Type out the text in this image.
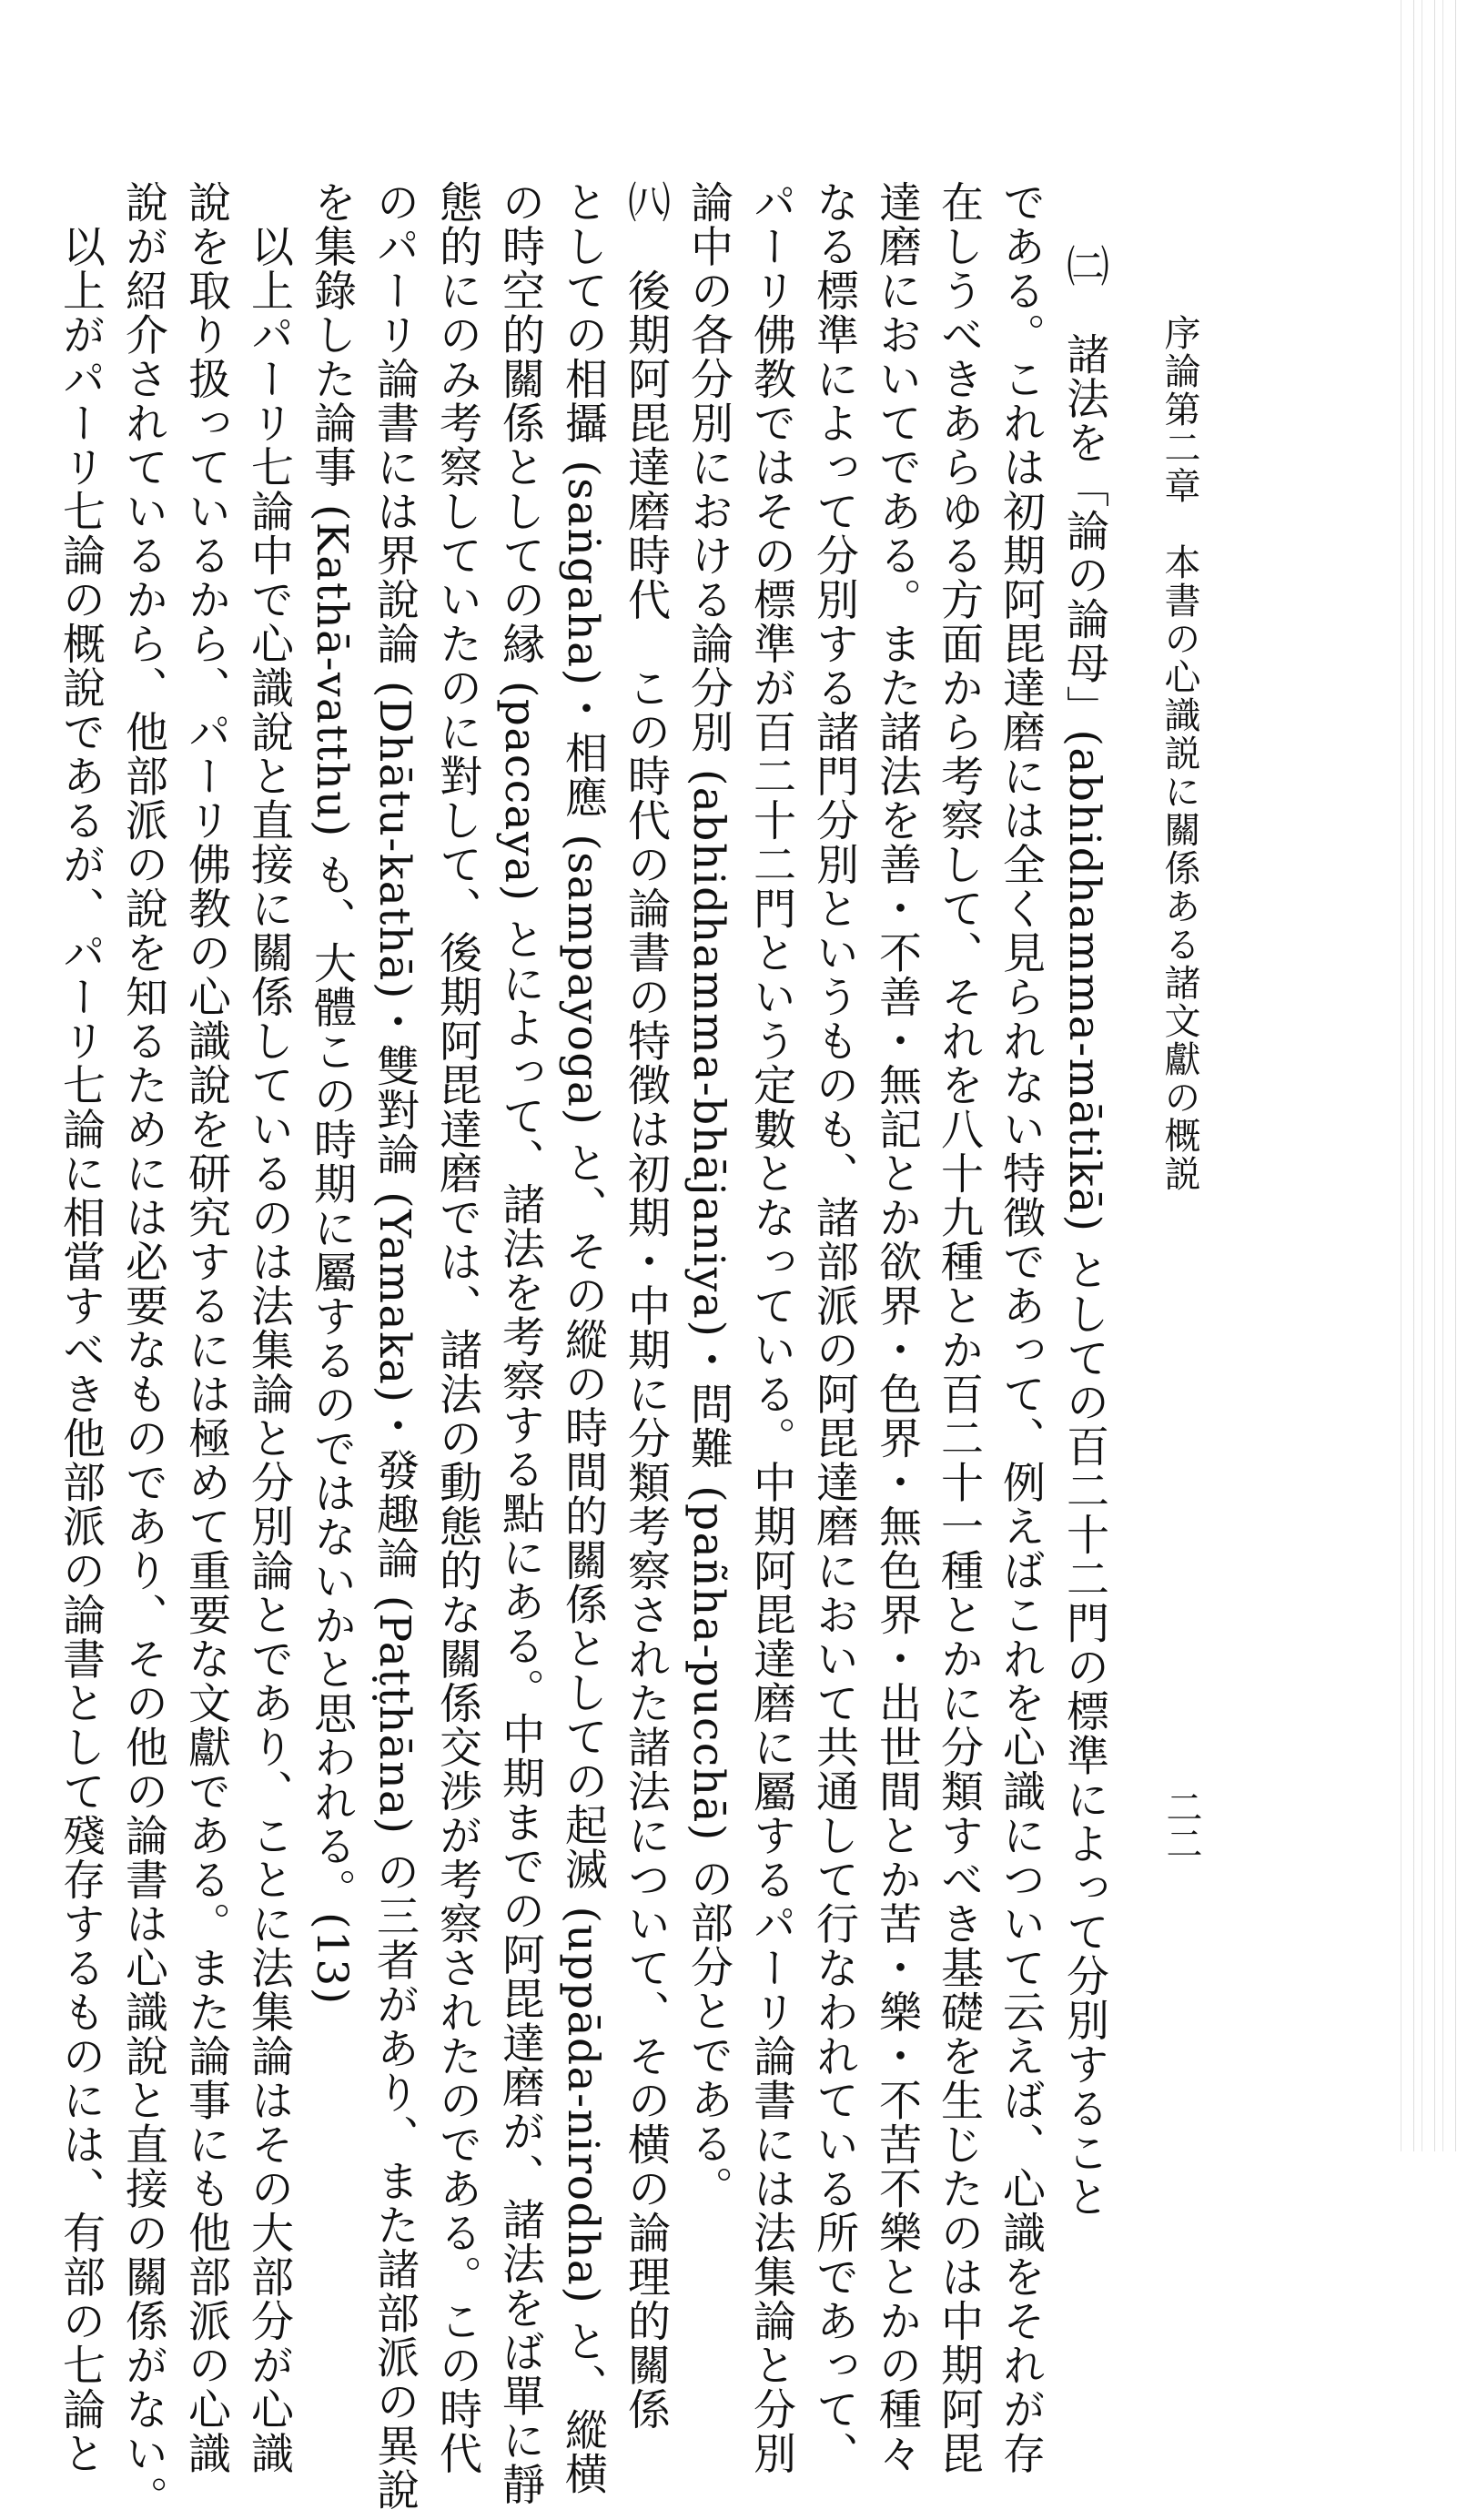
序論第二章　本書の心識説に關係ある諸文獻の概説
二二
㈡　諸法を「論の論母」(abhidhamma-mātikā) としての百二十二門の標準によって分別すること
である。これは初期阿毘達磨には全く見られない特徴であって、例えばこれを心識について云えば、心識をそれが存
在しうべきあらゆる方面から考察して、それを八十九種とか百二十一種とかに分類すべき基礎を生じたのは中期阿毘
達磨においてである。また諸法を善・不善・無記とか欲界・色界・無色界・出世間とか苦・樂・不苦不樂とかの種々
なる標準によって分別する諸門分別というものも、諸部派の阿毘達磨において共通して行なわれている所であって、
パーリ佛教ではその標準が百二十二門という定數となっている。中期阿毘達磨に屬するパーリ論書には法集論と分別
論中の各分別における論分別 (abhidhamma-bhājaniya)・問難 (pañha-pucchā) の部分とである。
㈧　後期阿毘達磨時代　この時代の論書の特徴は初期・中期に分類考察された諸法について、その横の論理的關係
としての相攝 (saṅgaha)・相應 (sampayoga) と、その縱の時間的關係としての起滅 (uppāda-nirodha) と、縱横
の時空的關係としての縁 (paccaya) とによって、諸法を考察する點にある。中期までの阿毘達磨が、諸法をば單に靜
態的にのみ考察していたのに對して、後期阿毘達磨では、諸法の動態的な關係交渉が考察されたのである。この時代
のパーリ論書には界說論 (Dhātu-kathā)・雙對論 (Yamaka)・發趣論 (Paṭṭhāna) の三者があり、また諸部派の異說
を集錄した論事 (Kathā-vatthu) も、大體この時期に屬するのではないかと思われる。(13)
　以上パーリ七論中で心識說と直接に關係しているのは法集論と分別論とであり、ことに法集論はその大部分が心識
說を取り扱っているから、パーリ佛教の心識說を研究するには極めて重要な文獻である。また論事にも他部派の心識
說が紹介されているから、他部派の說を知るためには必要なものであり、その他の論書は心識說と直接の關係がない。
　以上がパーリ七論の概說であるが、パーリ七論に相當すべき他部派の論書として殘存するものには、有部の七論と
